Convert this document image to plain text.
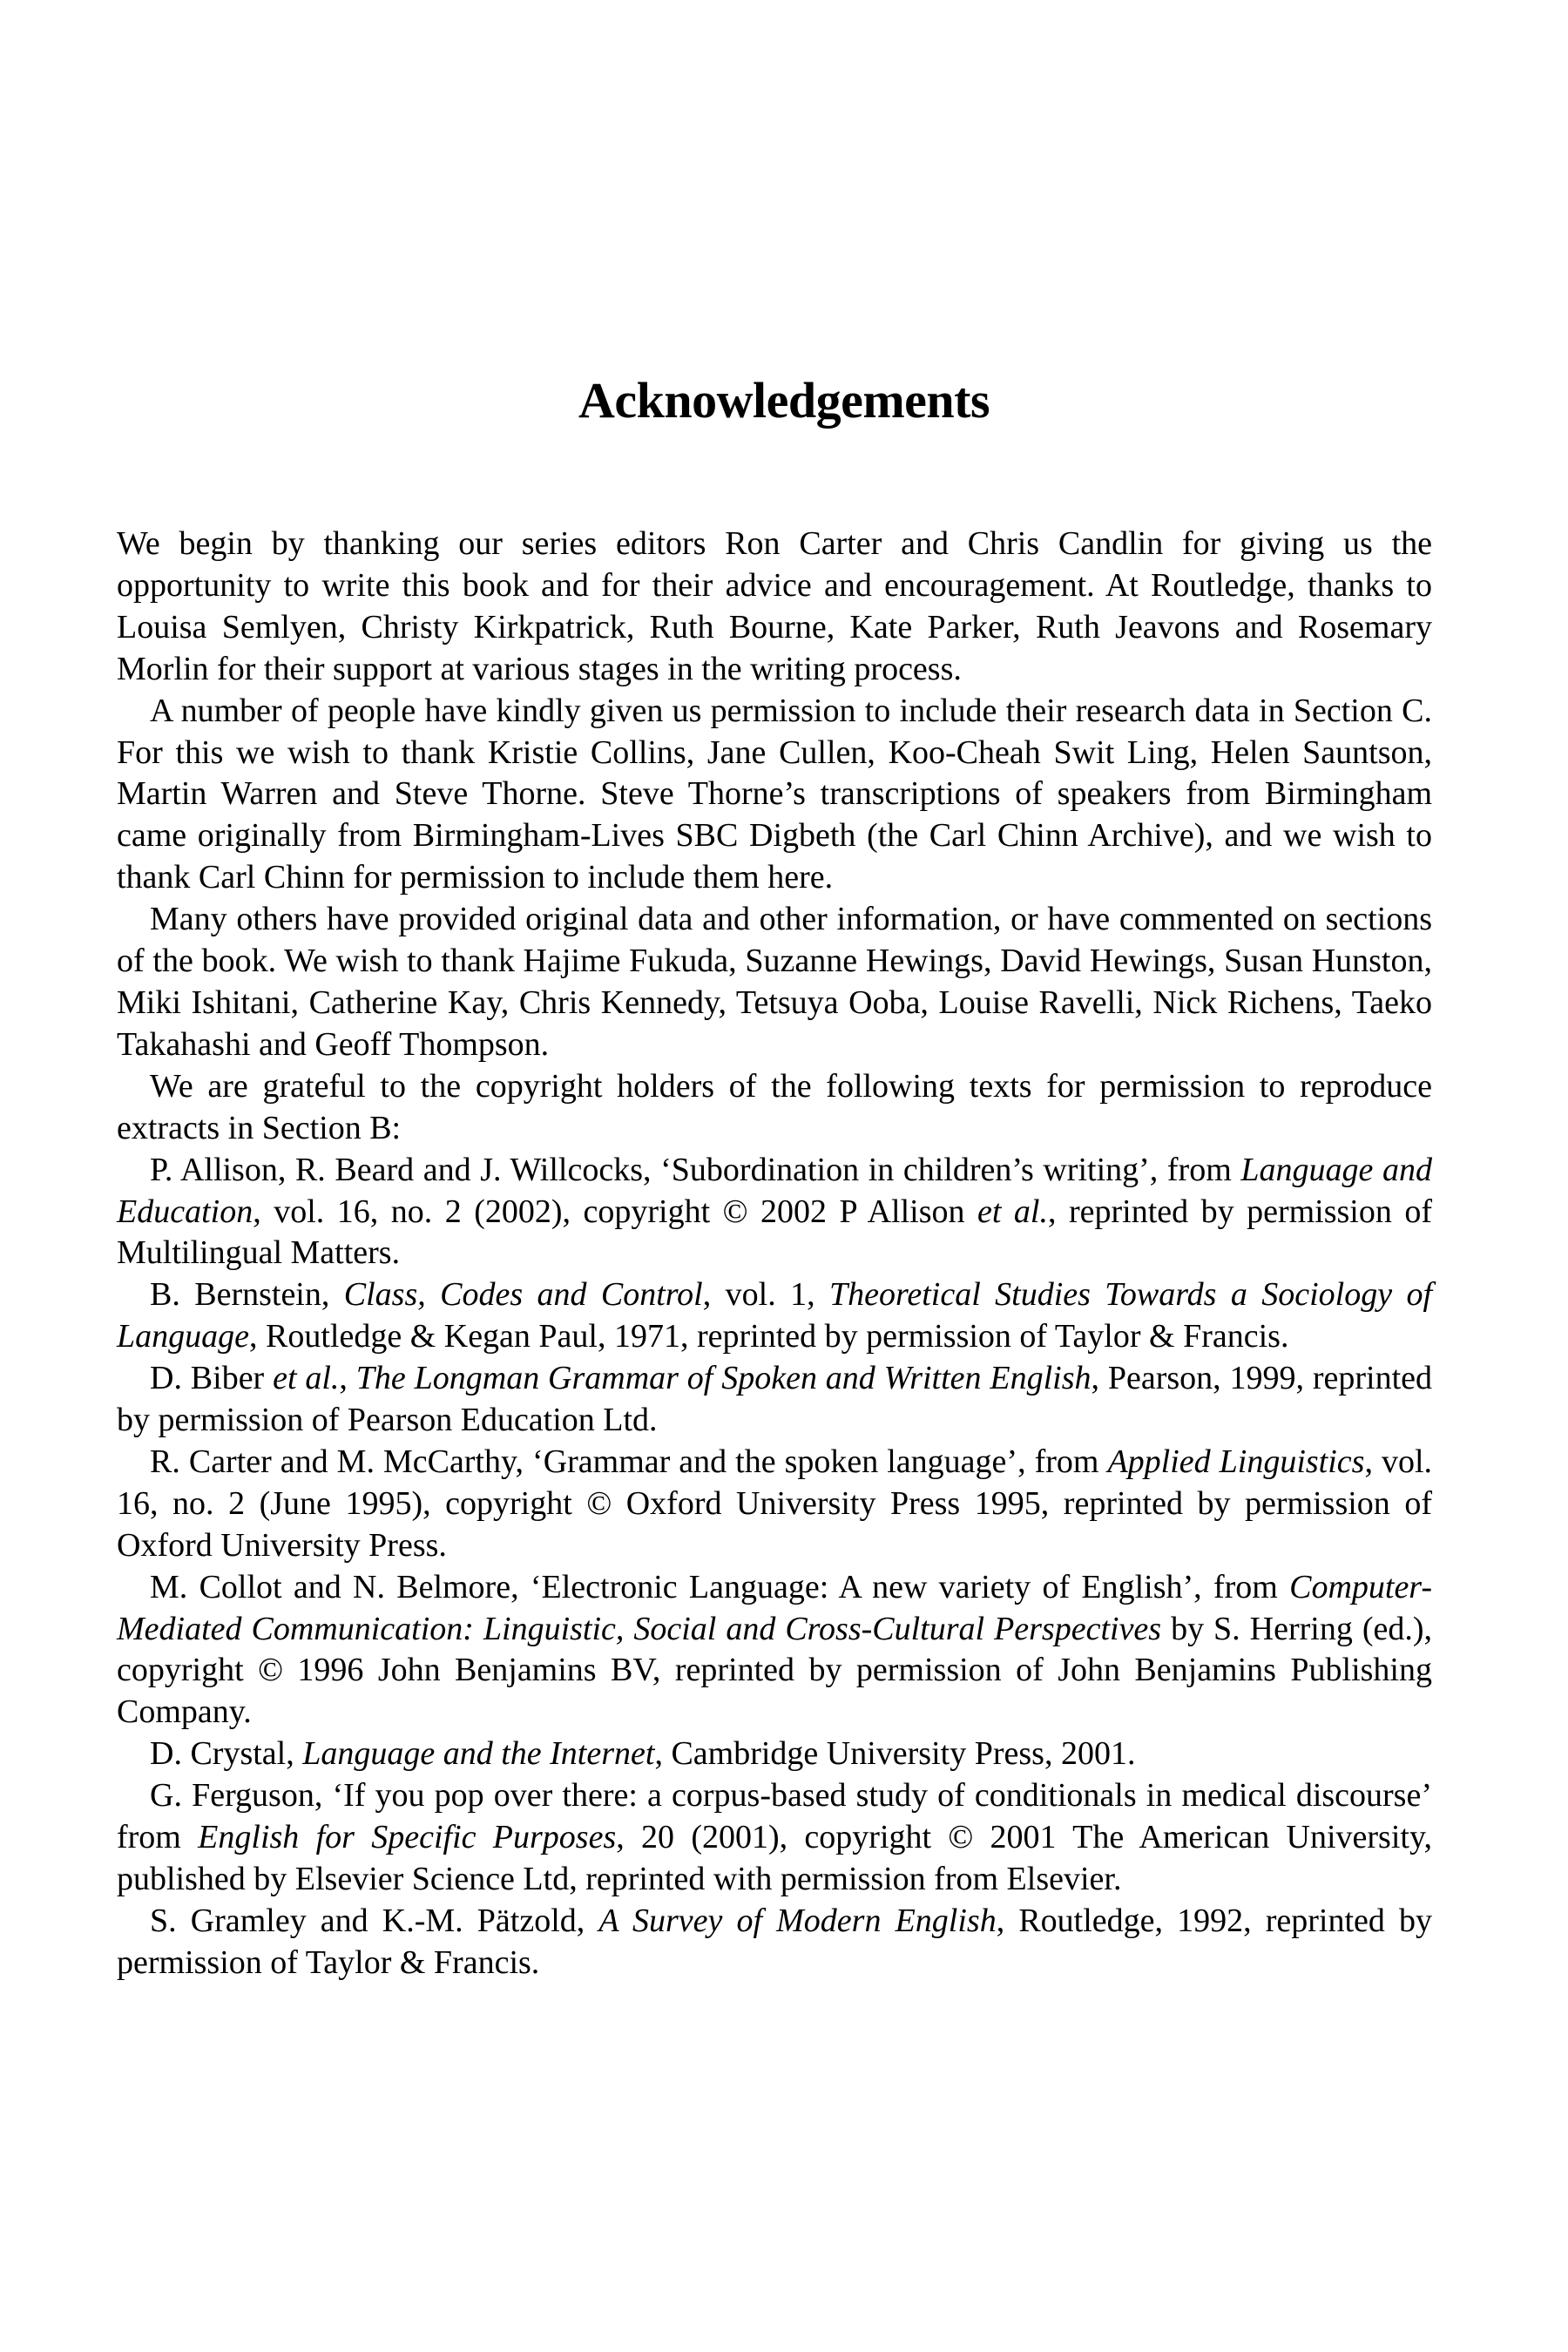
Acknowledgements

We begin by thanking our series editors Ron Carter and Chris Candlin for giving us the opportunity to write this book and for their advice and encouragement. At Routledge, thanks to Louisa Semlyen, Christy Kirkpatrick, Ruth Bourne, Kate Parker, Ruth Jeavons and Rosemary Morlin for their support at various stages in the writing process.

A number of people have kindly given us permission to include their research data in Section C. For this we wish to thank Kristie Collins, Jane Cullen, Koo-Cheah Swit Ling, Helen Sauntson, Martin Warren and Steve Thorne. Steve Thorne’s transcriptions of speakers from Birmingham came originally from Birmingham-Lives SBC Digbeth (the Carl Chinn Archive), and we wish to thank Carl Chinn for permission to include them here.

Many others have provided original data and other information, or have commented on sections of the book. We wish to thank Hajime Fukuda, Suzanne Hewings, David Hewings, Susan Hunston, Miki Ishitani, Catherine Kay, Chris Kennedy, Tetsuya Ooba, Louise Ravelli, Nick Richens, Taeko Takahashi and Geoff Thompson.

We are grateful to the copyright holders of the following texts for permission to reproduce extracts in Section B:

P. Allison, R. Beard and J. Willcocks, ‘Subordination in children’s writing’, from Language and Education, vol. 16, no. 2 (2002), copyright © 2002 P Allison et al., reprinted by permission of Multilingual Matters.

B. Bernstein, Class, Codes and Control, vol. 1, Theoretical Studies Towards a Sociology of Language, Routledge & Kegan Paul, 1971, reprinted by permission of Taylor & Francis.

D. Biber et al., The Longman Grammar of Spoken and Written English, Pearson, 1999, reprinted by permission of Pearson Education Ltd.

R. Carter and M. McCarthy, ‘Grammar and the spoken language’, from Applied Linguistics, vol. 16, no. 2 (June 1995), copyright © Oxford University Press 1995, reprinted by permission of Oxford University Press.

M. Collot and N. Belmore, ‘Electronic Language: A new variety of English’, from Computer-Mediated Communication: Linguistic, Social and Cross-Cultural Perspectives by S. Herring (ed.), copyright © 1996 John Benjamins BV, reprinted by permission of John Benjamins Publishing Company.

D. Crystal, Language and the Internet, Cambridge University Press, 2001.

G. Ferguson, ‘If you pop over there: a corpus-based study of conditionals in medical discourse’ from English for Specific Purposes, 20 (2001), copyright © 2001 The American University, published by Elsevier Science Ltd, reprinted with permission from Elsevier.

S. Gramley and K.-M. Pätzold, A Survey of Modern English, Routledge, 1992, reprinted by permission of Taylor & Francis.
